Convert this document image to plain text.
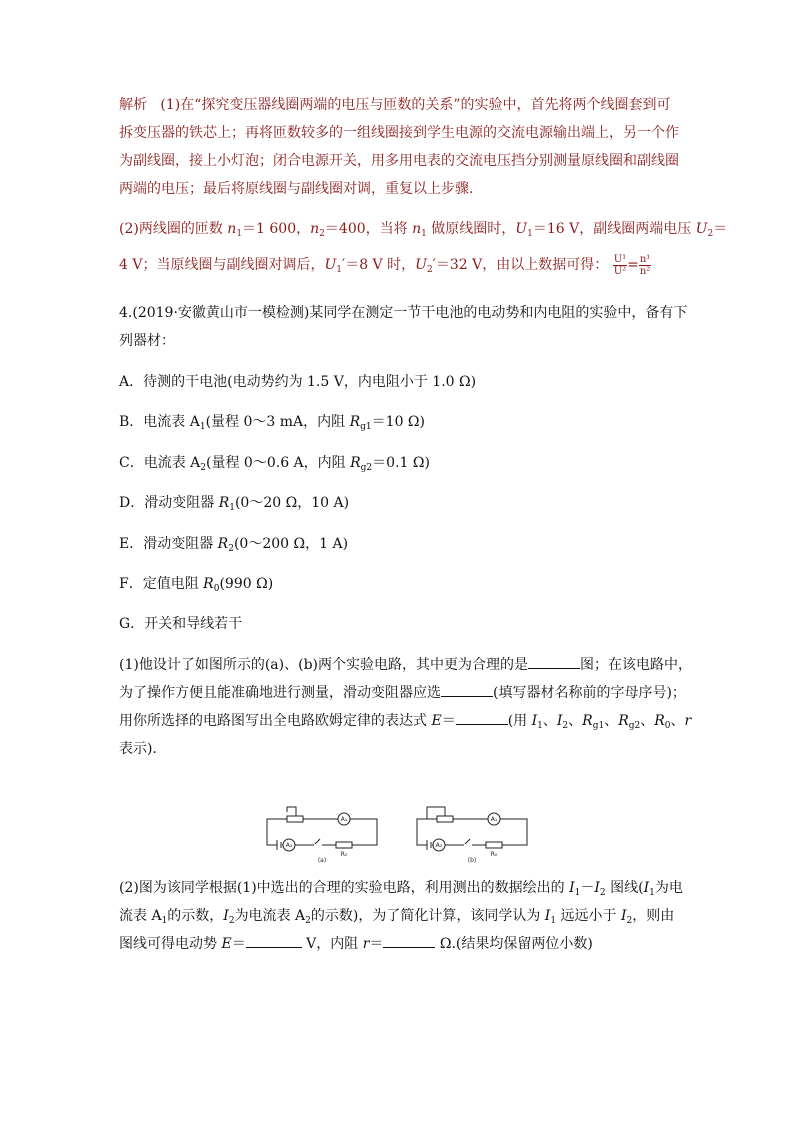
解析 (1)在“探究变压器线圈两端的电压与匝数的关系”的实验中，首先将两个线圈套到可
拆变压器的铁芯上；再将匝数较多的一组线圈接到学生电源的交流电源输出端上，另一个作
为副线圈，接上小灯泡；闭合电源开关，用多用电表的交流电压挡分别测量原线圈和副线圈
两端的电压；最后将原线圈与副线圈对调，重复以上步骤．
(2)两线圈的匝数 $n_1=1$ 600，$n_2=400$，当将 $n_1$ 做原线圈时，$U_1=16$ V，副线圈两端电压 $U_2=$
4 V；当原线圈与副线圈对调后，$U_1'=8$ V 时，$U_2'=32$ V，由以上数据可得： $\frac{\text{U¹}}{\text{U²}} = \frac{\text{n¹}}{\text{n²}}$
4.(2019·安徽黄山市一模检测)某同学在测定一节干电池的电动势和内电阻的实验中，备有下
列器材：
A．待测的干电池(电动势约为 1.5 V，内电阻小于 1.0 Ω)
B．电流表 $A_1$(量程 0～3 mA，内阻 $R_{g1}=10$ Ω)
C．电流表 $A_2$(量程 0～0.6 A，内阻 $R_{g2}=0.1$ Ω)
D．滑动变阻器 $R_1(0\sim 20$ Ω，10 A)
E．滑动变阻器 $R_2(0\sim 200$ Ω，1 A)
F．定值电阻 $R_0(990$ Ω)
G．开关和导线若干
(1)他设计了如图所示的(a)、(b)两个实验电路，其中更为合理的是	图；在该电路中，
为了操作方便且能准确地进行测量，滑动变阻器应选	(填写器材名称前的字母序号)；
用你所选择的电路图写出全电路欧姆定律的表达式 E＝	(用 $I_1$、$I_2$、$R_{g1}$、$R_{g2}$、$R_0$、r
表示)．
A₁
A₂
R₀
A₁
A₂
R₀
(a)	(b)
(2)图为该同学根据(1)中选出的合理的实验电路，利用测出的数据绘出的 $I_1-I_2$ 图线($I_1$为电
流表 $A_1$的示数，$I_2$为电流表 $A_2$的示数)，为了简化计算，该同学认为 $I_1$ 远远小于 $I_2$，则由
图线可得电动势 E＝	V，内阻 r＝	Ω.(结果均保留两位小数)
